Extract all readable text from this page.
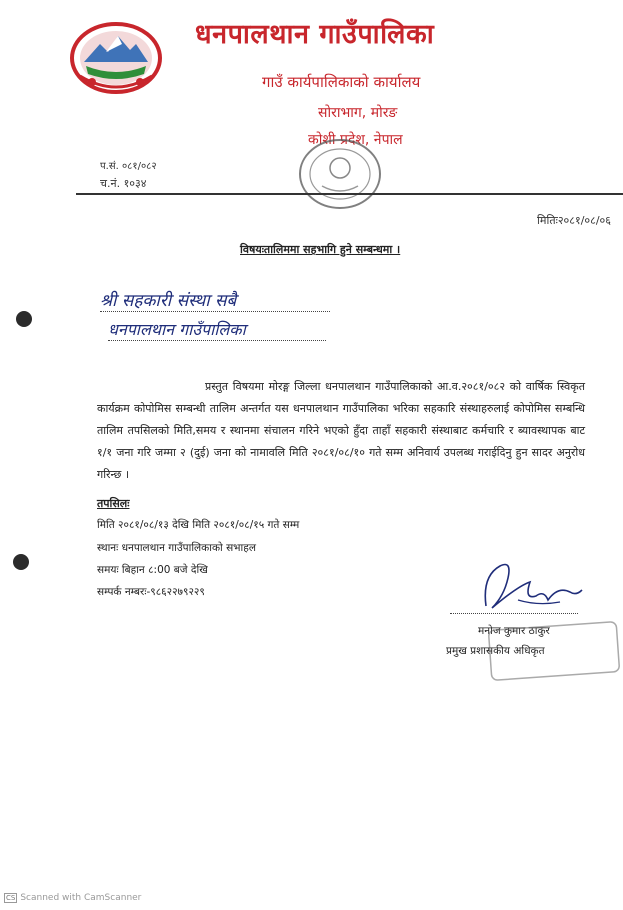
धनपालथान गाउँपालिका
गाउँ कार्यपालिकाको कार्यालय
सोराभाग, मोरङ
कोशी प्रदेश, नेपाल
प.सं. ०८१/०८२
च.नं. १०३४
मितिः२०८१/०८/०६
विषयःतालिममा सहभागि हुने सम्बन्धमा ।
श्री सहकारी संस्था सबै
धनपालथान गाउँपालिका
प्रस्तुत विषयमा मोरङ्ग जिल्ला धनपालथान गाउँपालिकाको आ.व.२०८१/०८२ को वार्षिक स्विकृत कार्यक्रम कोपोमिस सम्बन्धी तालिम अन्तर्गत यस धनपालथान गाउँपालिका भरिका सहकारि संस्थाहरुलाई कोपोमिस सम्बन्धि तालिम तपसिलको मिति,समय र स्थानमा संचालन गरिने भएको हुँदा ताहाँ सहकारी संस्थाबाट कर्मचारि र ब्यावस्थापक बाट १/१ जना गरि जम्मा २ (दुई) जना को नामावलि मिति २०८१/०८/१० गते सम्म अनिवार्य उपलब्ध गराईदिनु हुन सादर अनुरोध गरिन्छ ।
तपसिलः
मिति २०८१/०८/१३ देखि मिति २०८१/०८/१५ गते सम्म
स्थानः धनपालथान गाउँपालिकाको सभाहल
समयः बिहान ८:00 बजे देखि
सम्पर्क नम्बरः-९८६२२७९२२९
मनोज कुमार ठाकुर
प्रमुख प्रशासकीय अधिकृत
CS Scanned with CamScanner
